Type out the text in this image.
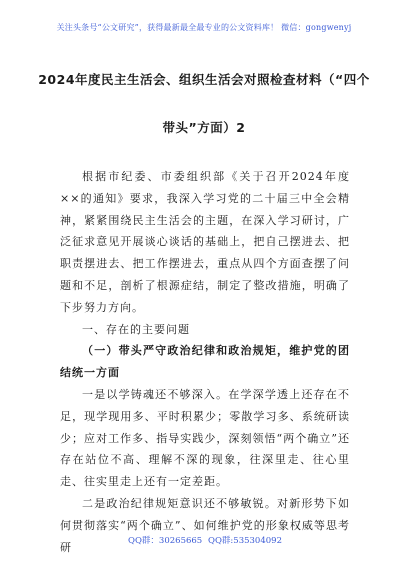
关注头条号“公文研究”，获得最新最全最专业的公文资料库！ 微信：gongwenyj
2024年度民主生活会、组织生活会对照检查材料（“四个
带头”方面）2

根据市纪委、市委组织部《关于召开2024年度××的通知》要求，我深入学习党的二十届三中全会精神，紧紧围绕民主生活会的主题，在深入学习研讨，广泛征求意见开展谈心谈话的基础上，把自己摆进去、把职责摆进去、把工作摆进去，重点从四个方面查摆了问题和不足，剖析了根源症结，制定了整改措施，明确了下步努力方向。

一、存在的主要问题

（一）带头严守政治纪律和政治规矩，维护党的团结统一方面

一是以学铸魂还不够深入。在学深学透上还存在不足，现学现用多、平时积累少；零散学习多、系统研读少；应对工作多、指导实践少，深刻领悟“两个确立”还存在站位不高、理解不深的现象，往深里走、往心里走、往实里走上还有一定差距。

二是政治纪律规矩意识还不够敏锐。对新形势下如何贯彻落实“两个确立”、如何维护党的形象权威等思考研	QQ群：30265665 QQ群:535304092
